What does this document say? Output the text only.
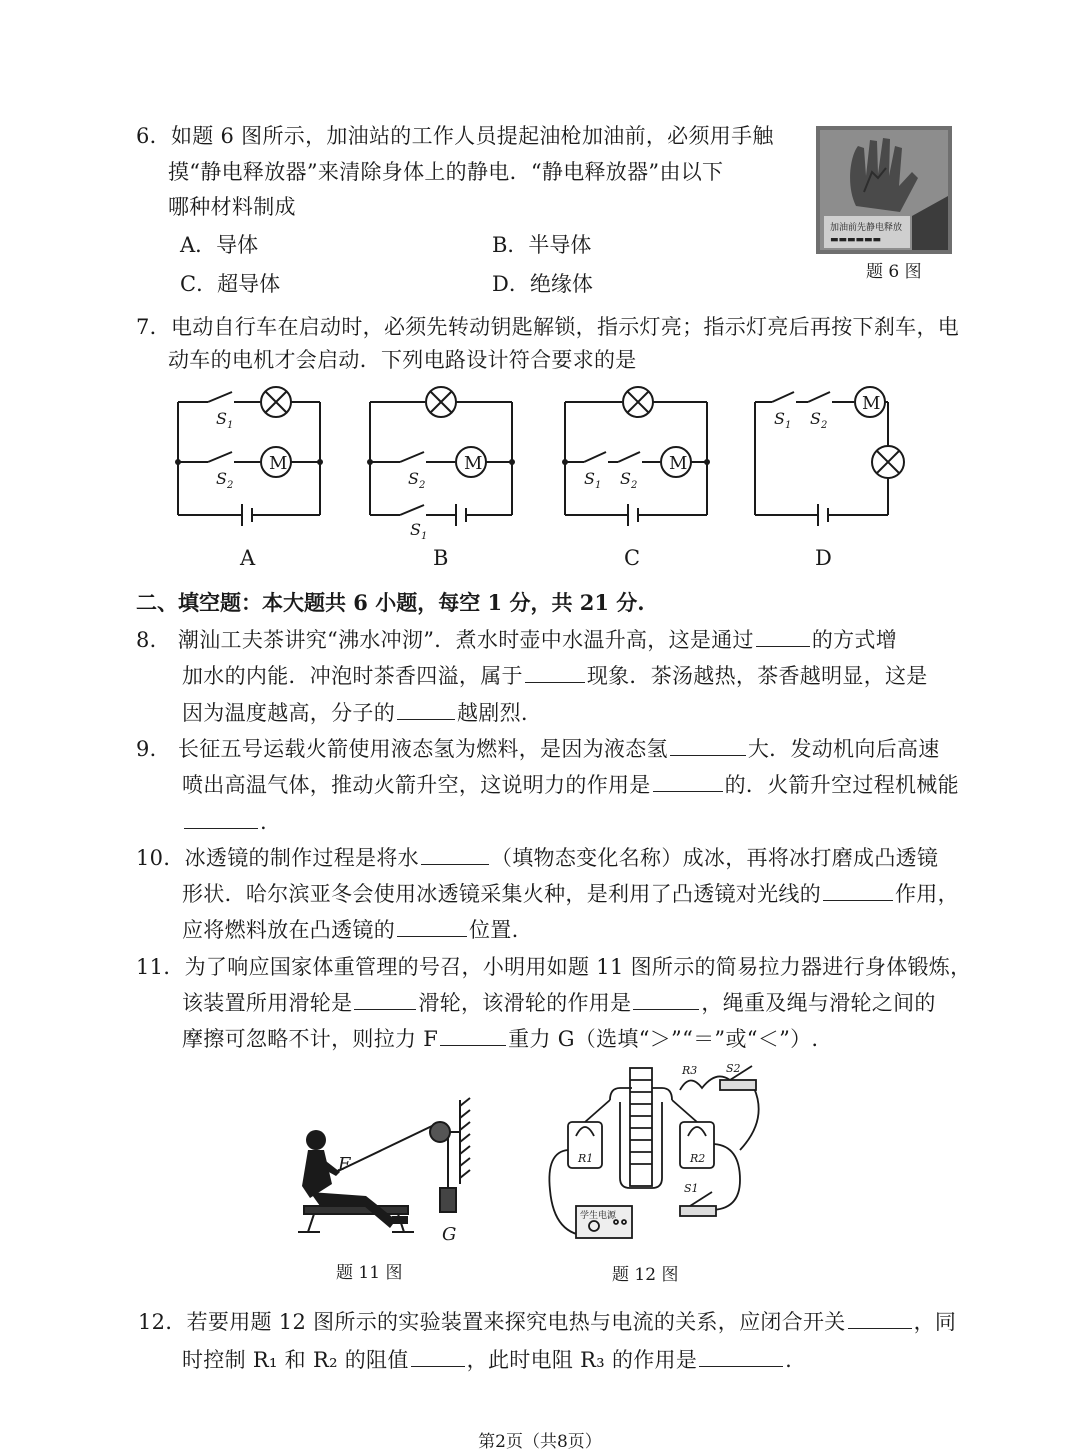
6．如题 6 图所示，加油站的工作人员提起油枪加油前，必须用手触
摸“静电释放器”来清除身体上的静电．“静电释放器”由以下
哪种材料制成
A．导体	B．半导体
C．超导体	D．绝缘体
加油前先静电释放
▬▬▬▬▬▬
题 6 图
7．电动自行车在启动时，必须先转动钥匙解锁，指示灯亮；指示灯亮后再按下刹车，电
动车的电机才会启动．下列电路设计符合要求的是
M	M	M
M
S 1
S 2	S 2
S 1
S 1 S 2
S 1 S 2
A	B	C	D
二、填空题：本大题共 6 小题，每空 1 分，共 21 分.
8． 潮汕工夫茶讲究“沸水冲沏”．煮水时壶中水温升高，这是通过	的方式增
加水的内能．冲泡时茶香四溢，属于	现象．茶汤越热，茶香越明显，这是
因为温度越高，分子的	越剧烈.
9． 长征五号运载火箭使用液态氢为燃料，是因为液态氢	大．发动机向后高速
喷出高温气体，推动火箭升空，这说明力的作用是	的．火箭升空过程机械能
.
10．冰透镜的制作过程是将水	（填物态变化名称）成冰，再将冰打磨成凸透镜
形状．哈尔滨亚冬会使用冰透镜采集火种，是利用了凸透镜对光线的	作用，
应将燃料放在凸透镜的	位置.
11．为了响应国家体重管理的号召，小明用如题 11 图所示的简易拉力器进行身体锻炼，
该装置所用滑轮是	滑轮，该滑轮的作用是	，绳重及绳与滑轮之间的
摩擦可忽略不计，则拉力 F	重力 G（选填“＞”“＝”或“＜”）.
F
G
题 11 图
R1	R2
R3
S1
S2
学生电源
题 12 图
12．若要用题 12 图所示的实验装置来探究电热与电流的关系，应闭合开关	，同
时控制 R₁ 和 R₂ 的阻值	，此时电阻 R₃ 的作用是	.
第2页（共8页）
